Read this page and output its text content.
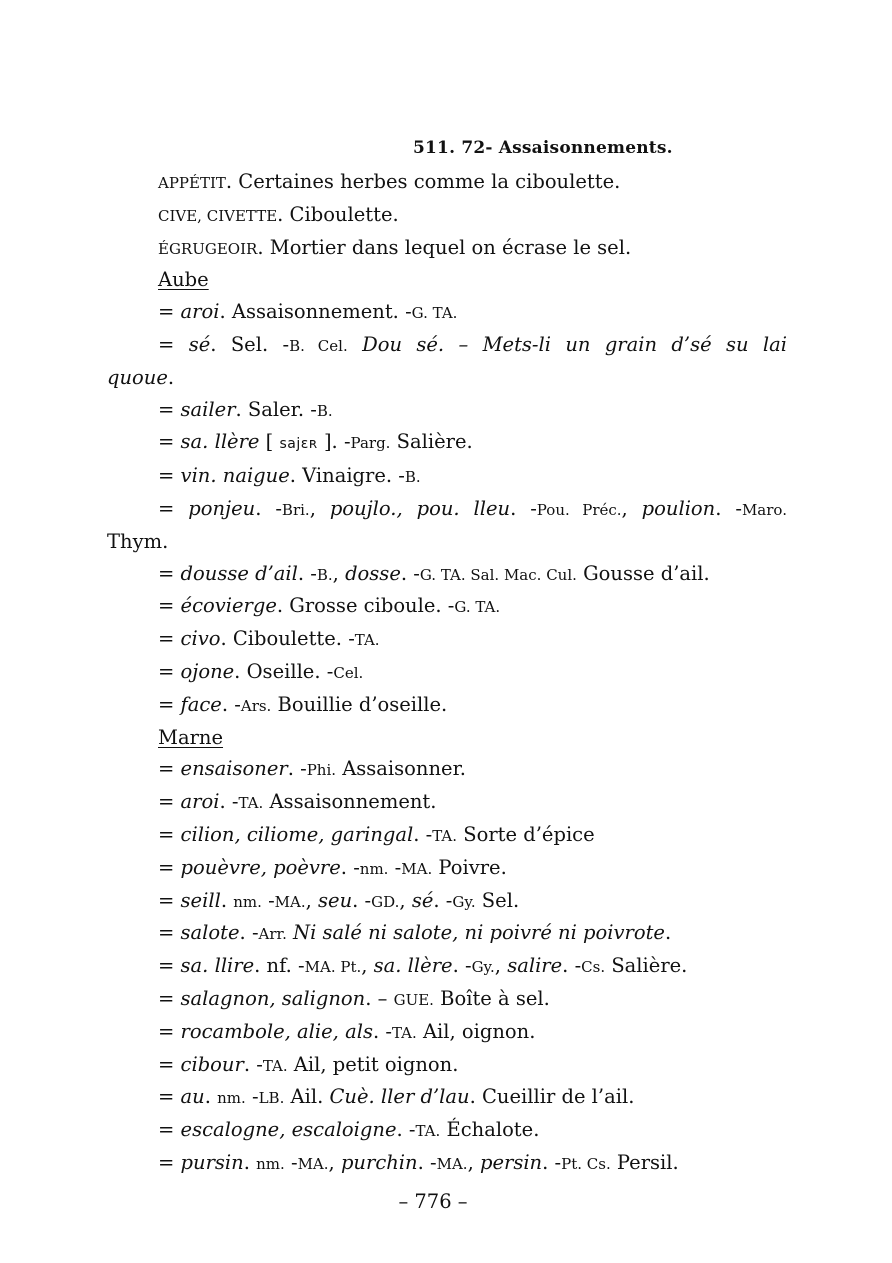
511. 72- Assaisonnements.

APPÉTIT. Certaines herbes comme la ciboulette.

CIVE, CIVETTE. Ciboulette.

ÉGRUGEOIR. Mortier dans lequel on écrase le sel.

Aube

= aroi. Assaisonnement. -G. TA.

= sé. Sel. -B. Cel. Dou sé. – Mets-li un grain d’sé su lai

quoue.

= sailer. Saler. -B.

= sa. llère [ sajɛʀ ]. -Parg. Salière.

= vin. naigue. Vinaigre. -B.

= ponjeu. -Bri., poujlo., pou. lleu. -Pou. Préc., poulion. -Maro.

Thym.

= dousse d’ail. -B., dosse. -G. TA. Sal. Mac. Cul. Gousse d’ail.

= écovierge. Grosse ciboule. -G. TA.

= civo. Ciboulette. -TA.

= ojone. Oseille. -Cel.

= face. -Ars. Bouillie d’oseille.

Marne

= ensaisoner. -Phi. Assaisonner.

= aroi. -TA. Assaisonnement.

= cilion, ciliome, garingal. -TA. Sorte d’épice

= pouèvre, poèvre. -nm. -MA. Poivre.

= seill. nm. -MA., seu. -GD., sé. -Gy. Sel.

= salote. -Arr. Ni salé ni salote, ni poivré ni poivrote.

= sa. llire. nf. -MA. Pt., sa. llère. -Gy., salire. -Cs. Salière.

= salagnon, salignon. – GUE. Boîte à sel.

= rocambole, alie, als. -TA. Ail, oignon.

= cibour. -TA. Ail, petit oignon.

= au. nm. -LB. Ail. Cuè. ller d’lau. Cueillir de l’ail.

= escalogne, escaloigne. -TA. Échalote.

= pursin. nm. -MA., purchin. -MA., persin. -Pt. Cs. Persil.

– 776 –
